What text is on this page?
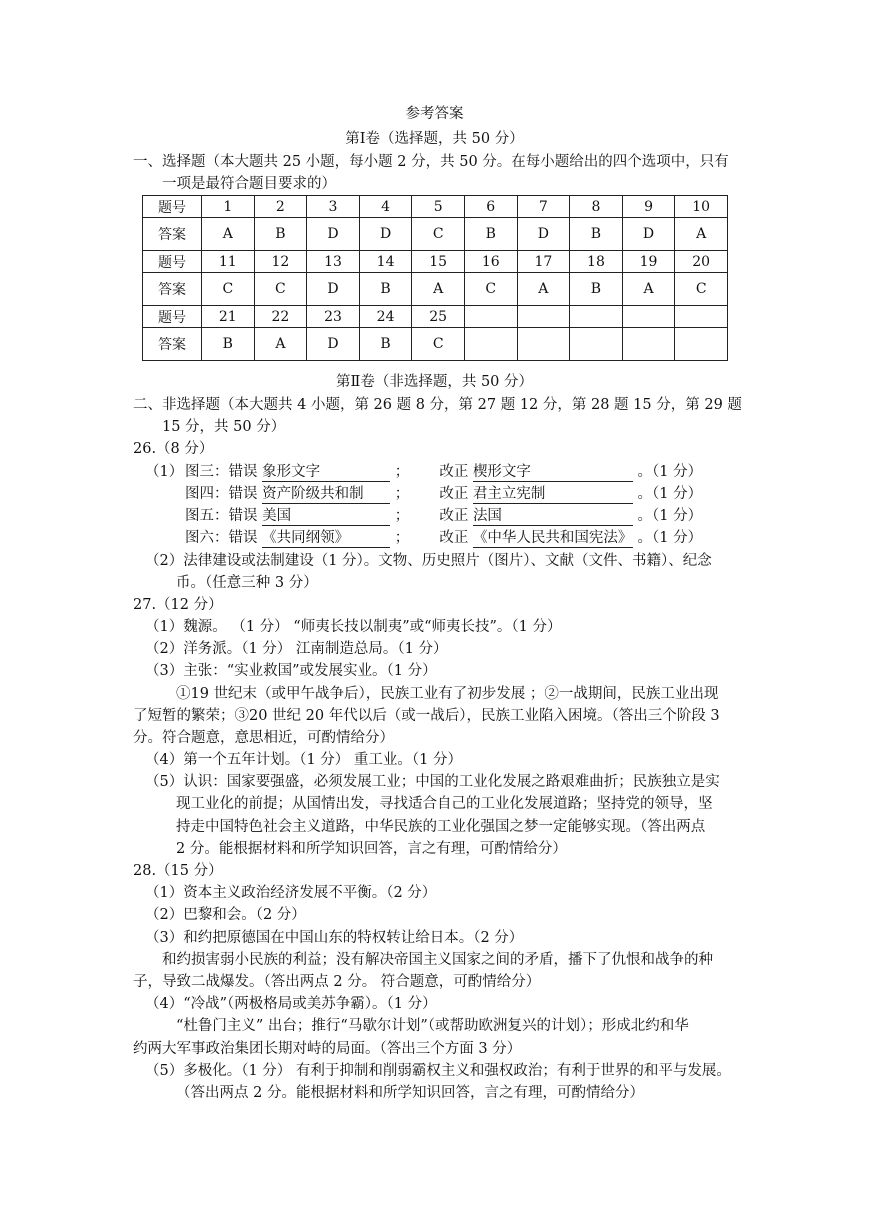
参考答案
第Ⅰ卷（选择题，共 50 分）
一、选择题（本大题共 25 小题，每小题 2 分，共 50 分。在每小题给出的四个选项中，只有
一项是最符合题目要求的）
题号	1	2	3	4	5	6	7	8	9	10
答案	A	B	D	D	C	B	D	B	D	A
题号	11	12	13	14	15	16	17	18	19	20
答案	C	C	D	B	A	C	A	B	A	C
题号	21	22	23	24	25					
答案	B	A	D	B	C					
第Ⅱ卷（非选择题，共 50 分）
二、非选择题（本大题共 4 小题，第 26 题 8 分，第 27 题 12 分，第 28 题 15 分，第 29 题
15 分，共 50 分）
26.（8 分）
（1） 图三：错误 象形文字	； 改正 楔形文字	。（1 分）
图四：错误 资产阶级共和制 ； 改正 君主立宪制	。（1 分）
图五：错误 美国	； 改正 法国	。（1 分）
图六：错误 《共同纲领》	； 改正 《中华人民共和国宪法》 。（1 分）
（2）法律建设或法制建设（1 分）。文物、历史照片（图片）、文献（文件、书籍）、纪念
币。（任意三种 3 分）
27.（12 分）
（1）魏源。 （1 分） “师夷长技以制夷”或“师夷长技”。（1 分）
（2）洋务派。（1 分） 江南制造总局。（1 分）
（3）主张：“实业救国”或发展实业。（1 分）
①19 世纪末（或甲午战争后），民族工业有了初步发展 ；②一战期间，民族工业出现
了短暂的繁荣；③20 世纪 20 年代以后（或一战后），民族工业陷入困境。（答出三个阶段 3
分。符合题意，意思相近，可酌情给分）
（4）第一个五年计划。（1 分） 重工业。（1 分）
（5）认识：国家要强盛，必须发展工业；中国的工业化发展之路艰难曲折；民族独立是实
现工业化的前提；从国情出发，寻找适合自己的工业化发展道路；坚持党的领导，坚
持走中国特色社会主义道路，中华民族的工业化强国之梦一定能够实现。（答出两点
2 分。能根据材料和所学知识回答，言之有理，可酌情给分）
28.（15 分）
（1）资本主义政治经济发展不平衡。（2 分）
（2）巴黎和会。（2 分）
（3）和约把原德国在中国山东的特权转让给日本。（2 分）
和约损害弱小民族的利益；没有解决帝国主义国家之间的矛盾，播下了仇恨和战争的种
子，导致二战爆发。（答出两点 2 分。 符合题意，可酌情给分）
（4）“冷战”（两极格局或美苏争霸）。（1 分）
“杜鲁门主义” 出台；推行“马歇尔计划”（或帮助欧洲复兴的计划）；形成北约和华
约两大军事政治集团长期对峙的局面。（答出三个方面 3 分）
（5）多极化。（1 分） 有利于抑制和削弱霸权主义和强权政治；有利于世界的和平与发展。
（答出两点 2 分。能根据材料和所学知识回答，言之有理，可酌情给分）
